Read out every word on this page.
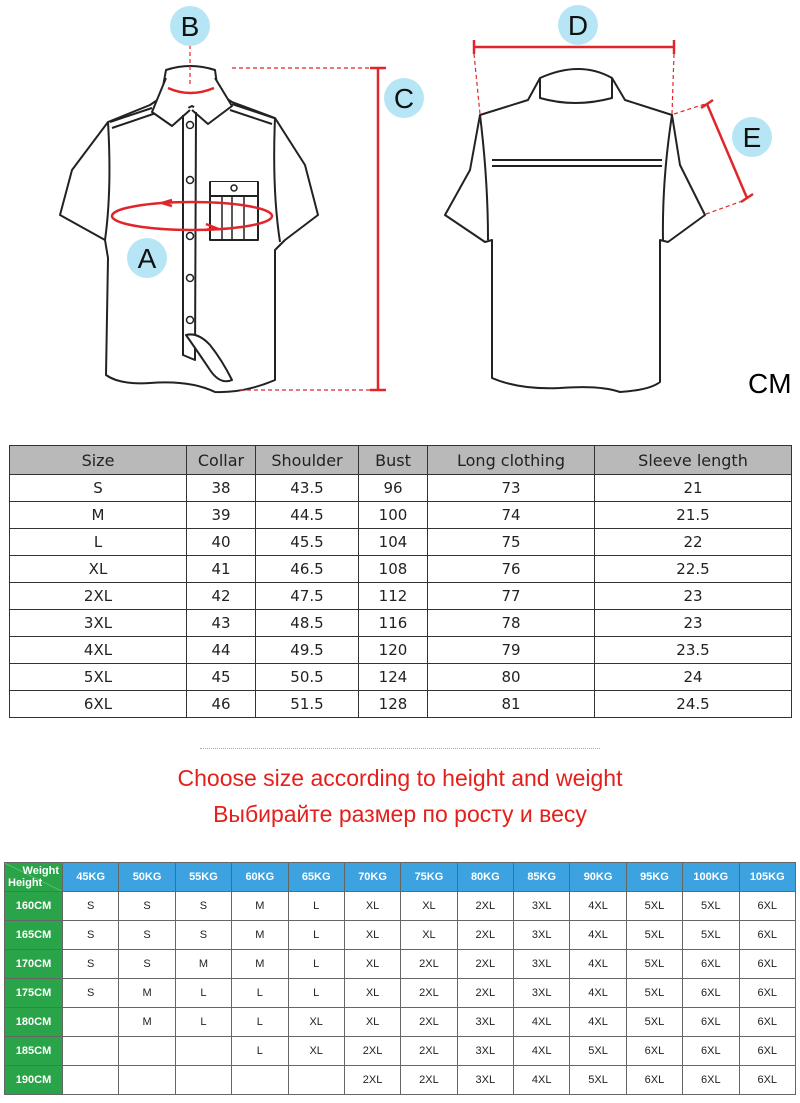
A
B
C
D
E
CM
Size	Collar	Shoulder	Bust	Long clothing	Sleeve length
S	38	43.5	96	73	21
M	39	44.5	100	74	21.5
L	40	45.5	104	75	22
XL	41	46.5	108	76	22.5
2XL	42	47.5	112	77	23
3XL	43	48.5	116	78	23
4XL	44	49.5	120	79	23.5
5XL	45	50.5	124	80	24
6XL	46	51.5	128	81	24.5
Choose size according to height and weight
Выбирайте размер по росту и весу
Weight
Height	45KG	50KG	55KG	60KG	65KG	70KG	75KG	80KG	85KG	90KG	95KG	100KG	105KG
160CM	S	S	S	M	L	XL	XL	2XL	3XL	4XL	5XL	5XL	6XL
165CM	S	S	S	M	L	XL	XL	2XL	3XL	4XL	5XL	5XL	6XL
170CM	S	S	M	M	L	XL	2XL	2XL	3XL	4XL	5XL	6XL	6XL
175CM	S	M	L	L	L	XL	2XL	2XL	3XL	4XL	5XL	6XL	6XL
180CM		M	L	L	XL	XL	2XL	3XL	4XL	4XL	5XL	6XL	6XL
185CM				L	XL	2XL	2XL	3XL	4XL	5XL	6XL	6XL	6XL
190CM						2XL	2XL	3XL	4XL	5XL	6XL	6XL	6XL
